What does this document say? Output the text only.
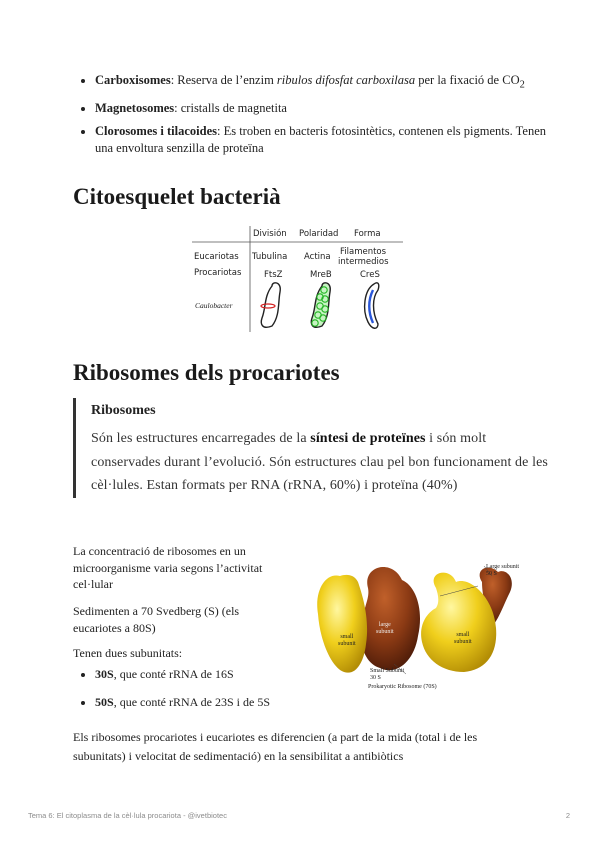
• Carboxisomes: Reserva de l’enzim ribulos difosfat carboxilasa per la fixació de $CO_2$
• Magnetosomes: cristalls de magnetita
• Clorosomes i tilacoides: Es troben en bacteris fotosintètics, contenen els pigments. Tenen una envoltura senzilla de proteïna
Citoesquelet bacterià
División Polaridad Forma
Eucariotas Tubulina Actina Filamentos
intermedios
Procariotas	FtsZ	MreB	CreS
Caulobacter
Ribosomes dels procariotes

Ribosomes

Són les estructures encarregades de la síntesi de proteïnes i són molt conservades durant l’evolució. Són estructures clau pel bon funcionament de les cèl·lules. Estan formats per RNA (rRNA, 60%) i proteïna (40%)

La concentració de ribosomes en un microorganisme varia segons l’activitat cel·lular

Sedimenten a 70 Svedberg (S) (els eucariotes a 80S)

Tenen dues subunitats:

• 30S, que conté rRNA de 16S
• 50S, que conté rRNA de 23S i de 5S

Els ribosomes procariotes i eucariotes es diferencien (a part de la mida (total i de les subunitats) i velocitat de sedimentació) en la sensibilitat a antibiòtics

small
subunit
large
subunit
small
subunit
Large subunit
50 S
Small Subunit
30 S
Prokaryotic Ribosome (70S)
Tema 6: El citoplasma de la cèl·lula procariota - @ivetbiotec	2
